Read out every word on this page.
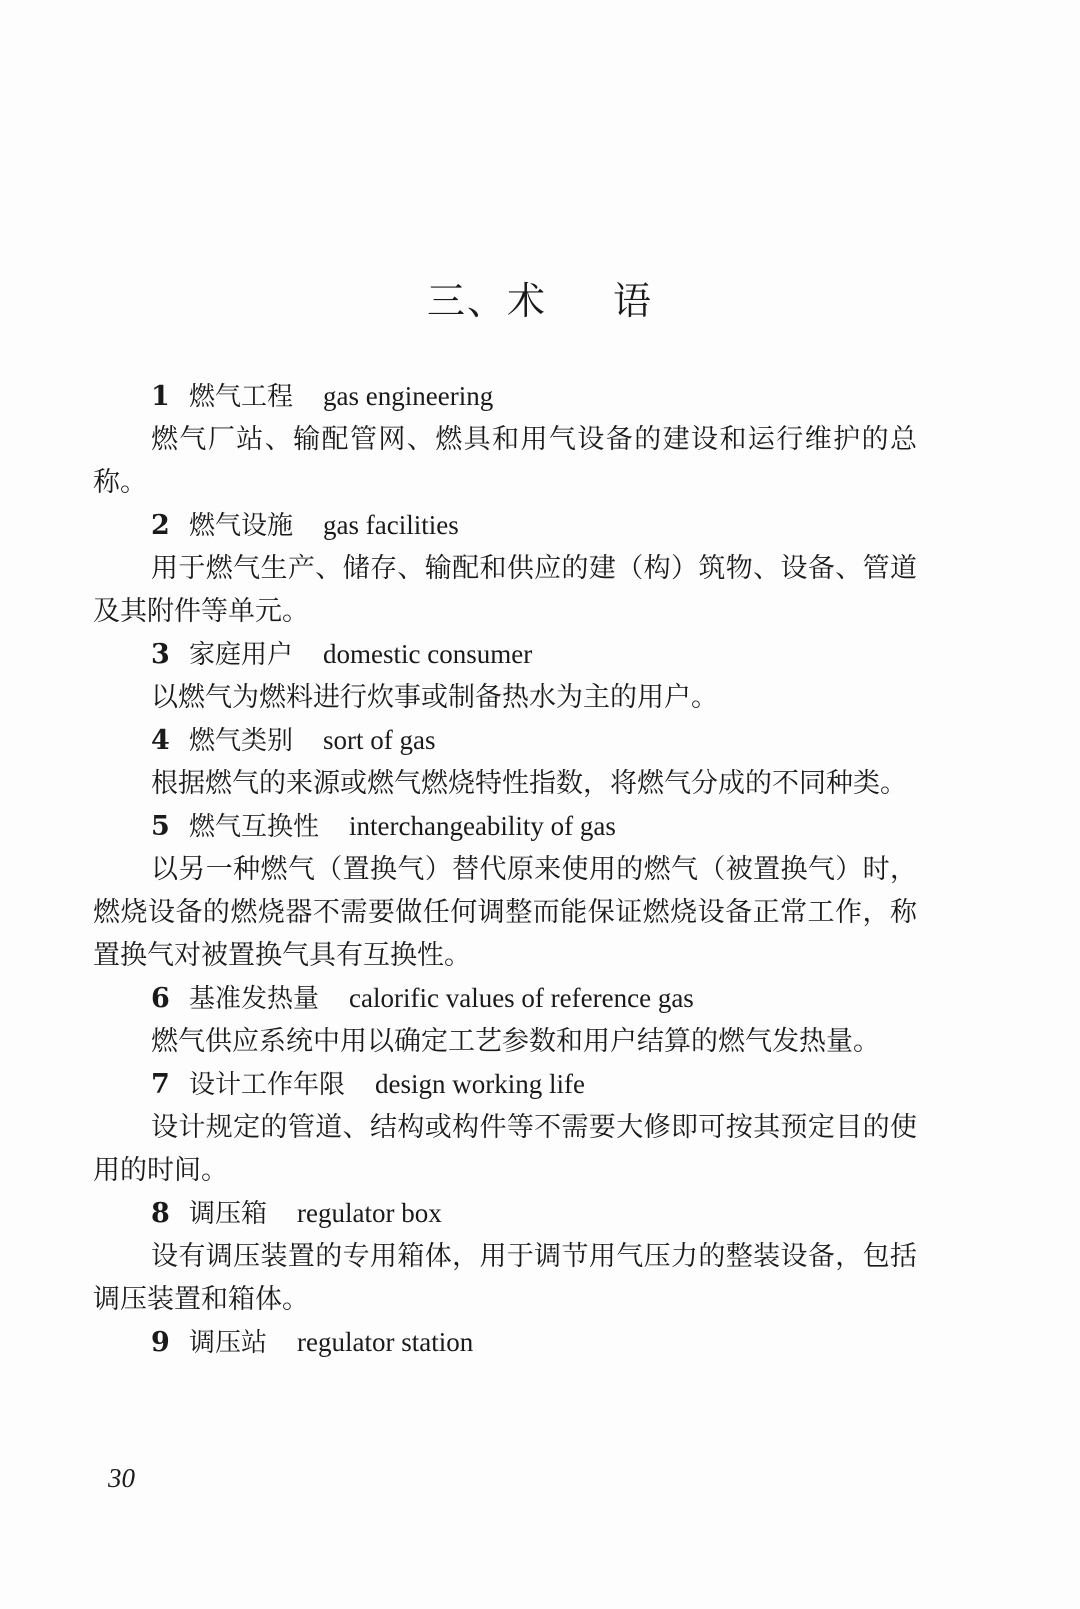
三、术 语
1 燃气工程 gas engineering

燃气厂站、输配管网、燃具和用气设备的建设和运行维护的总称。

2 燃气设施 gas facilities

用于燃气生产、储存、输配和供应的建（构）筑物、设备、管道及其附件等单元。

3 家庭用户 domestic consumer

以燃气为燃料进行炊事或制备热水为主的用户。

4 燃气类别 sort of gas

根据燃气的来源或燃气燃烧特性指数，将燃气分成的不同种类。

5 燃气互换性 interchangeability of gas

以另一种燃气（置换气）替代原来使用的燃气（被置换气）时，燃烧设备的燃烧器不需要做任何调整而能保证燃烧设备正常工作，称置换气对被置换气具有互换性。

6 基准发热量 calorific values of reference gas

燃气供应系统中用以确定工艺参数和用户结算的燃气发热量。

7 设计工作年限 design working life

设计规定的管道、结构或构件等不需要大修即可按其预定目的使用的时间。

8 调压箱 regulator box

设有调压装置的专用箱体，用于调节用气压力的整装设备，包括调压装置和箱体。

9 调压站 regulator station
30
